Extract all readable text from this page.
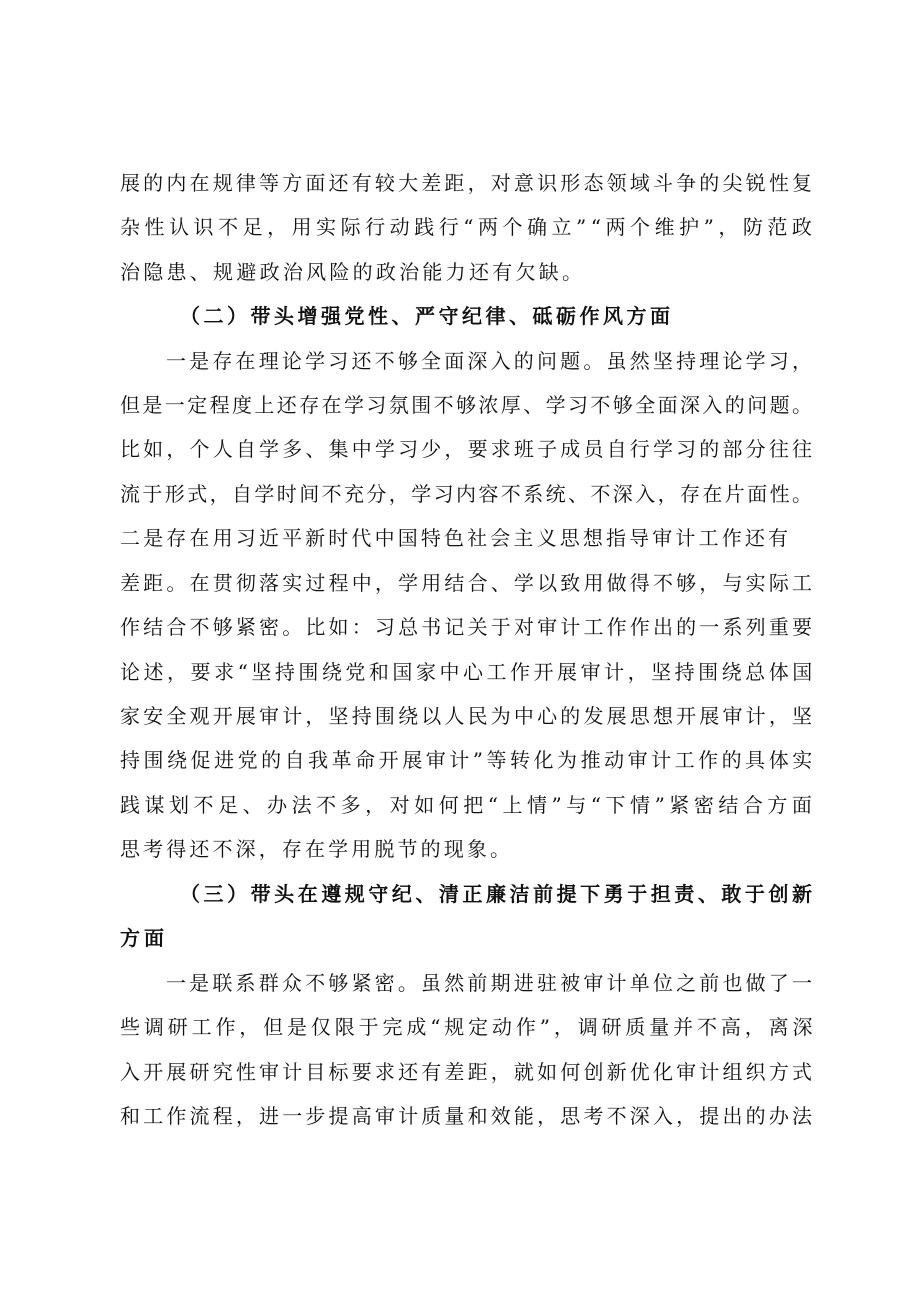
展的内在规律等方面还有较大差距，对意识形态领域斗争的尖锐性复
杂性认识不足，用实际行动践行“两个确立”“两个维护”，防范政
治隐患、规避政治风险的政治能力还有欠缺。
（二）带头增强党性、严守纪律、砥砺作风方面
一是存在理论学习还不够全面深入的问题。虽然坚持理论学习，
但是一定程度上还存在学习氛围不够浓厚、学习不够全面深入的问题。
比如，个人自学多、集中学习少，要求班子成员自行学习的部分往往
流于形式，自学时间不充分，学习内容不系统、不深入，存在片面性。
二是存在用习近平新时代中国特色社会主义思想指导审计工作还有
差距。在贯彻落实过程中，学用结合、学以致用做得不够，与实际工
作结合不够紧密。比如：习总书记关于对审计工作作出的一系列重要
论述，要求“坚持围绕党和国家中心工作开展审计，坚持围绕总体国
家安全观开展审计，坚持围绕以人民为中心的发展思想开展审计，坚
持围绕促进党的自我革命开展审计”等转化为推动审计工作的具体实
践谋划不足、办法不多，对如何把“上情”与“下情”紧密结合方面
思考得还不深，存在学用脱节的现象。
（三）带头在遵规守纪、清正廉洁前提下勇于担责、敢于创新
方面
一是联系群众不够紧密。虽然前期进驻被审计单位之前也做了一
些调研工作，但是仅限于完成“规定动作”，调研质量并不高，离深
入开展研究性审计目标要求还有差距，就如何创新优化审计组织方式
和工作流程，进一步提高审计质量和效能，思考不深入，提出的办法
